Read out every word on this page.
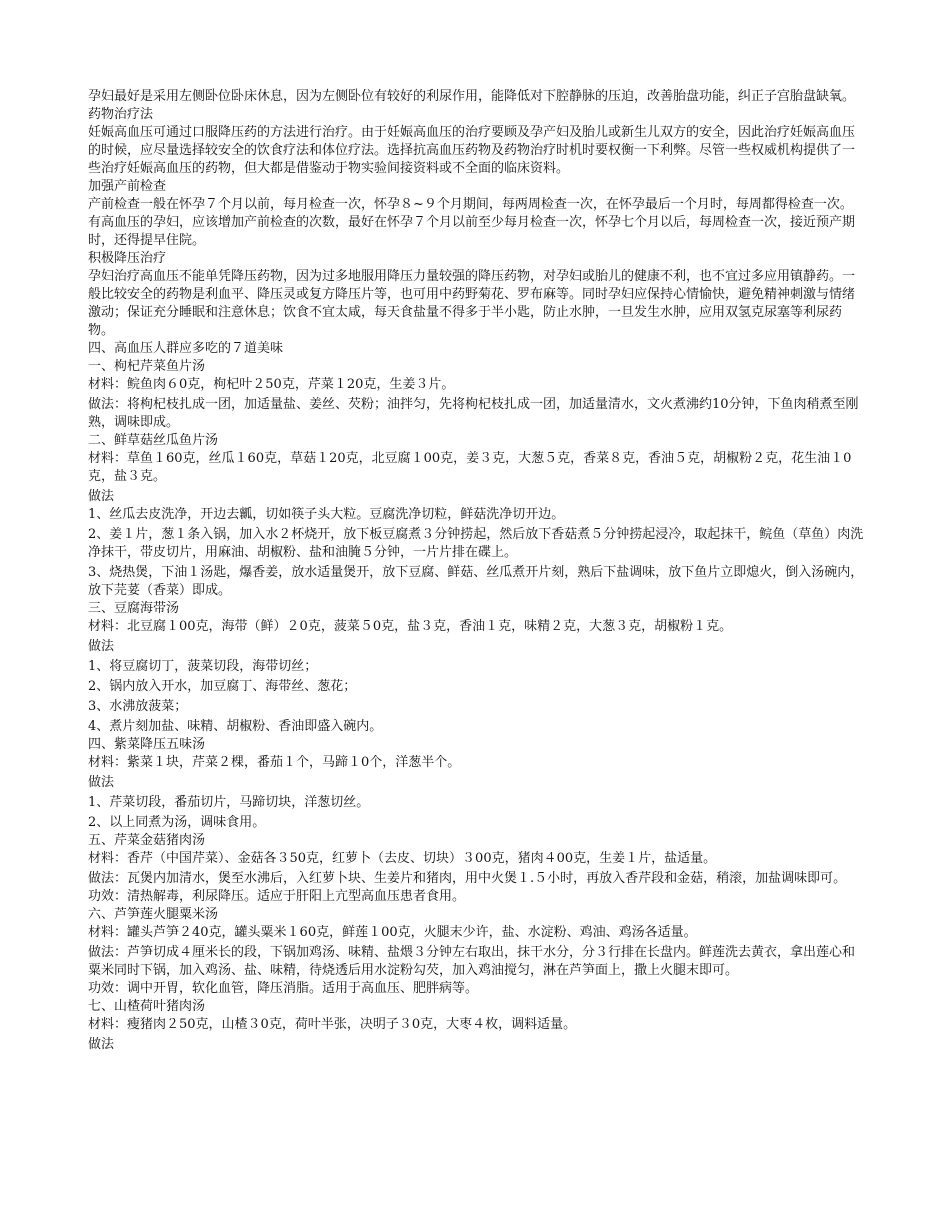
孕妇最好是采用左侧卧位卧床休息，因为左侧卧位有较好的利尿作用，能降低对下腔静脉的压迫，改善胎盘功能，纠正子宫胎盘缺氧。

药物治疗法

妊娠高血压可通过口服降压药的方法进行治疗。由于妊娠高血压的治疗要顾及孕产妇及胎儿或新生儿双方的安全，因此治疗妊娠高血压的时候，应尽量选择较安全的饮食疗法和体位疗法。选择抗高血压药物及药物治疗时机时要权衡一下利弊。尽管一些权威机构提供了一些治疗妊娠高血压的药物，但大都是借鉴动于物实验间接资料或不全面的临床资料。

加强产前检查

产前检查一般在怀孕７个月以前，每月检查一次，怀孕８~９个月期间，每两周检查一次，在怀孕最后一个月时，每周都得检查一次。有高血压的孕妇，应该增加产前检查的次数，最好在怀孕７个月以前至少每月检查一次，怀孕七个月以后，每周检查一次，接近预产期时，还得提早住院。

积极降压治疗

孕妇治疗高血压不能单凭降压药物，因为过多地服用降压力量较强的降压药物，对孕妇或胎儿的健康不利，也不宜过多应用镇静药。一般比较安全的药物是利血平、降压灵或复方降压片等，也可用中药野菊花、罗布麻等。同时孕妇应保持心情愉快，避免精神刺激与情绪激动；保证充分睡眠和注意休息；饮食不宜太咸，每天食盐量不得多于半小匙，防止水肿，一旦发生水肿，应用双氢克尿塞等利尿药物。

四、高血压人群应多吃的７道美味

一、枸杞芹菜鱼片汤

材料：鲩鱼肉６0克，枸杞叶２50克，芹菜１20克，生姜３片。

做法：将枸杞枝扎成一团，加适量盐、姜丝、芡粉；油拌匀，先将枸杞枝扎成一团，加适量清水，文火煮沸约10分钟，下鱼肉稍煮至刚熟，调味即成。

二、鲜草菇丝瓜鱼片汤

材料：草鱼１60克，丝瓜１60克，草菇１20克，北豆腐１00克，姜３克，大葱５克，香菜８克，香油５克，胡椒粉２克，花生油１0克，盐３克。

做法

1、丝瓜去皮洗净，开边去瓤，切如筷子头大粒。豆腐洗净切粒，鲜菇洗净切开边。

2、姜１片，葱１条入锅，加入水２杯烧开，放下板豆腐煮３分钟捞起，然后放下香菇煮５分钟捞起浸冷，取起抹干，鲩鱼（草鱼）肉洗净抹干，带皮切片，用麻油、胡椒粉、盐和油腌５分钟，一片片排在碟上。

3、烧热煲，下油１汤匙，爆香姜，放水适量煲开，放下豆腐、鲜菇、丝瓜煮开片刻，熟后下盐调味，放下鱼片立即熄火，倒入汤碗内，放下芫荽（香菜）即成。

三、豆腐海带汤

材料：北豆腐１00克，海带（鲜）２0克，菠菜５0克，盐３克，香油１克，味精２克，大葱３克，胡椒粉１克。

做法

1、将豆腐切丁，菠菜切段，海带切丝；

2、锅内放入开水，加豆腐丁、海带丝、葱花；

3、水沸放菠菜；

4、煮片刻加盐、味精、胡椒粉、香油即盛入碗内。

四、紫菜降压五味汤

材料：紫菜１块，芹菜２棵，番茄１个，马蹄１0个，洋葱半个。

做法

1、芹菜切段，番茄切片，马蹄切块，洋葱切丝。

2、以上同煮为汤，调味食用。

五、芹菜金菇猪肉汤

材料：香芹（中国芹菜）、金菇各３50克，红萝卜（去皮、切块）３00克，猪肉４00克，生姜１片，盐适量。

做法：瓦煲内加清水，煲至水沸后，入红萝卜块、生姜片和猪肉，用中火煲１.５小时，再放入香芹段和金菇，稍滚，加盐调味即可。

功效：清热解毒，利尿降压。适应于肝阳上亢型高血压患者食用。

六、芦笋莲火腿粟米汤

材料：罐头芦笋２40克，罐头粟米１60克，鲜莲１00克，火腿末少许，盐、水淀粉、鸡油、鸡汤各适量。

做法：芦笋切成４厘米长的段，下锅加鸡汤、味精、盐煨３分钟左右取出，抹干水分，分３行排在长盘内。鲜莲洗去黄衣，拿出莲心和粟米同时下锅，加入鸡汤、盐、味精，待烧透后用水淀粉勾芡，加入鸡油搅匀，淋在芦笋面上，撒上火腿末即可。

功效：调中开胃，软化血管，降压消脂。适用于高血压、肥胖病等。

七、山楂荷叶猪肉汤

材料：瘦猪肉２50克，山楂３0克，荷叶半张，决明子３0克，大枣４枚，调料适量。

做法
